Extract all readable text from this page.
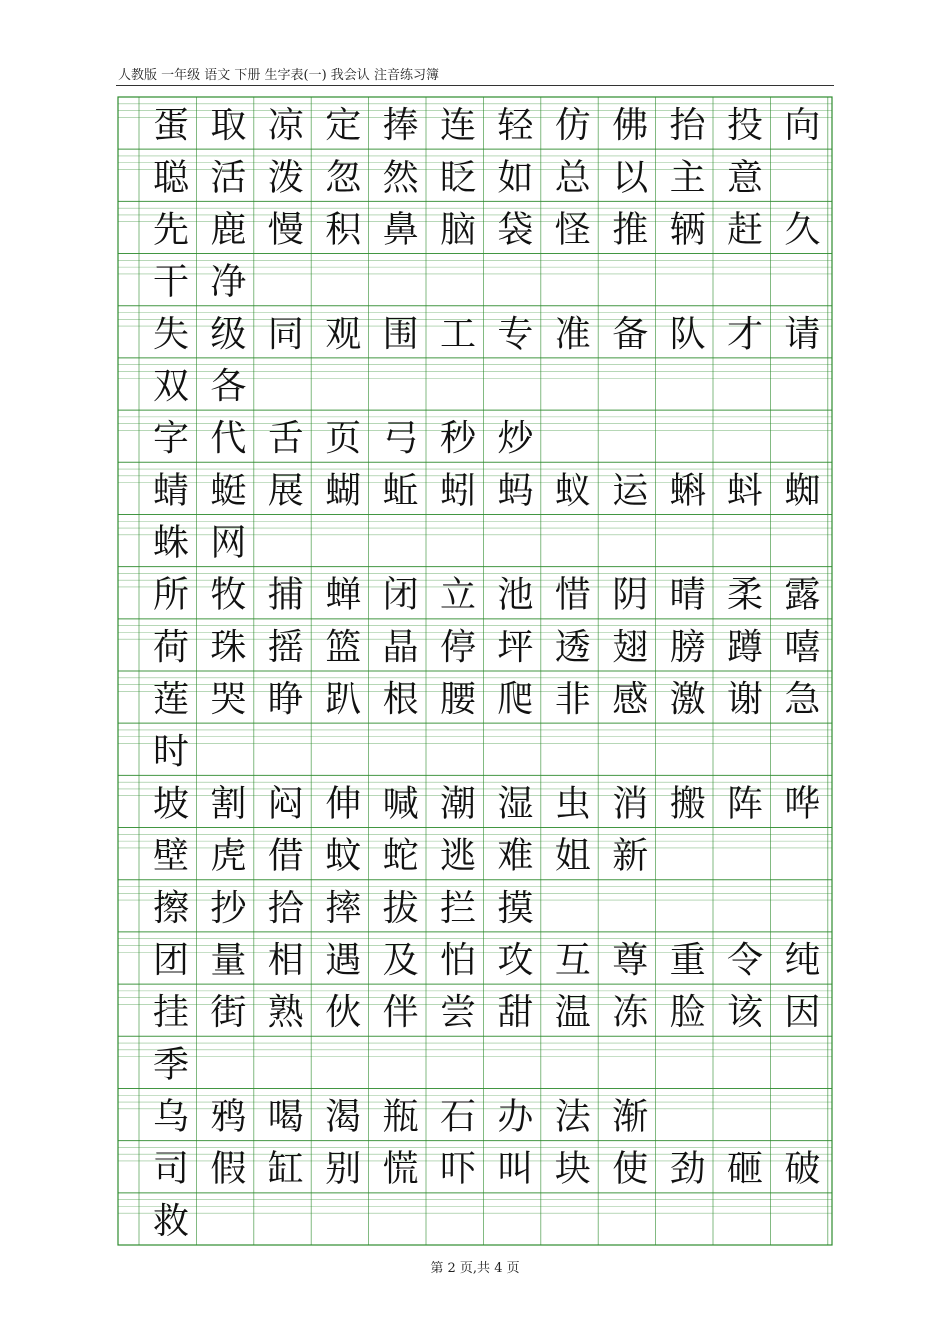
人教版 一年级 语文 下册 生字表(一) 我会认 注音练习簿
蛋 取 凉 定 捧 连 轻 仿 佛 抬 投 向
聪 活 泼 忽 然 眨 如 总 以 主 意
先 鹿 慢 积 鼻 脑 袋 怪 推 辆 赶 久
干 净
失 级 同 观 围 工 专 准 备 队 才 请
双 各
字 代 舌 页 弓 秒 炒
蜻 蜓 展 蝴 蚯 蚓 蚂 蚁 运 蝌 蚪 蜘
蛛 网
所 牧 捕 蝉 闭 立 池 惜 阴 晴 柔 露
荷 珠 摇 篮 晶 停 坪 透 翅 膀 蹲 嘻
莲 哭 睁 趴 根 腰 爬 非 感 激 谢 急
时
坡 割 闷 伸 喊 潮 湿 虫 消 搬 阵 哗
壁 虎 借 蚊 蛇 逃 难 姐 新
擦 抄 拾 摔 拔 拦 摸
团 量 相 遇 及 怕 攻 互 尊 重 令 纯
挂 街 熟 伙 伴 尝 甜 温 冻 脸 该 因
季
乌 鸦 喝 渴 瓶 石 办 法 渐
司 假 缸 别 慌 吓 叫 块 使 劲 砸 破
救
第 2 页,共 4 页
